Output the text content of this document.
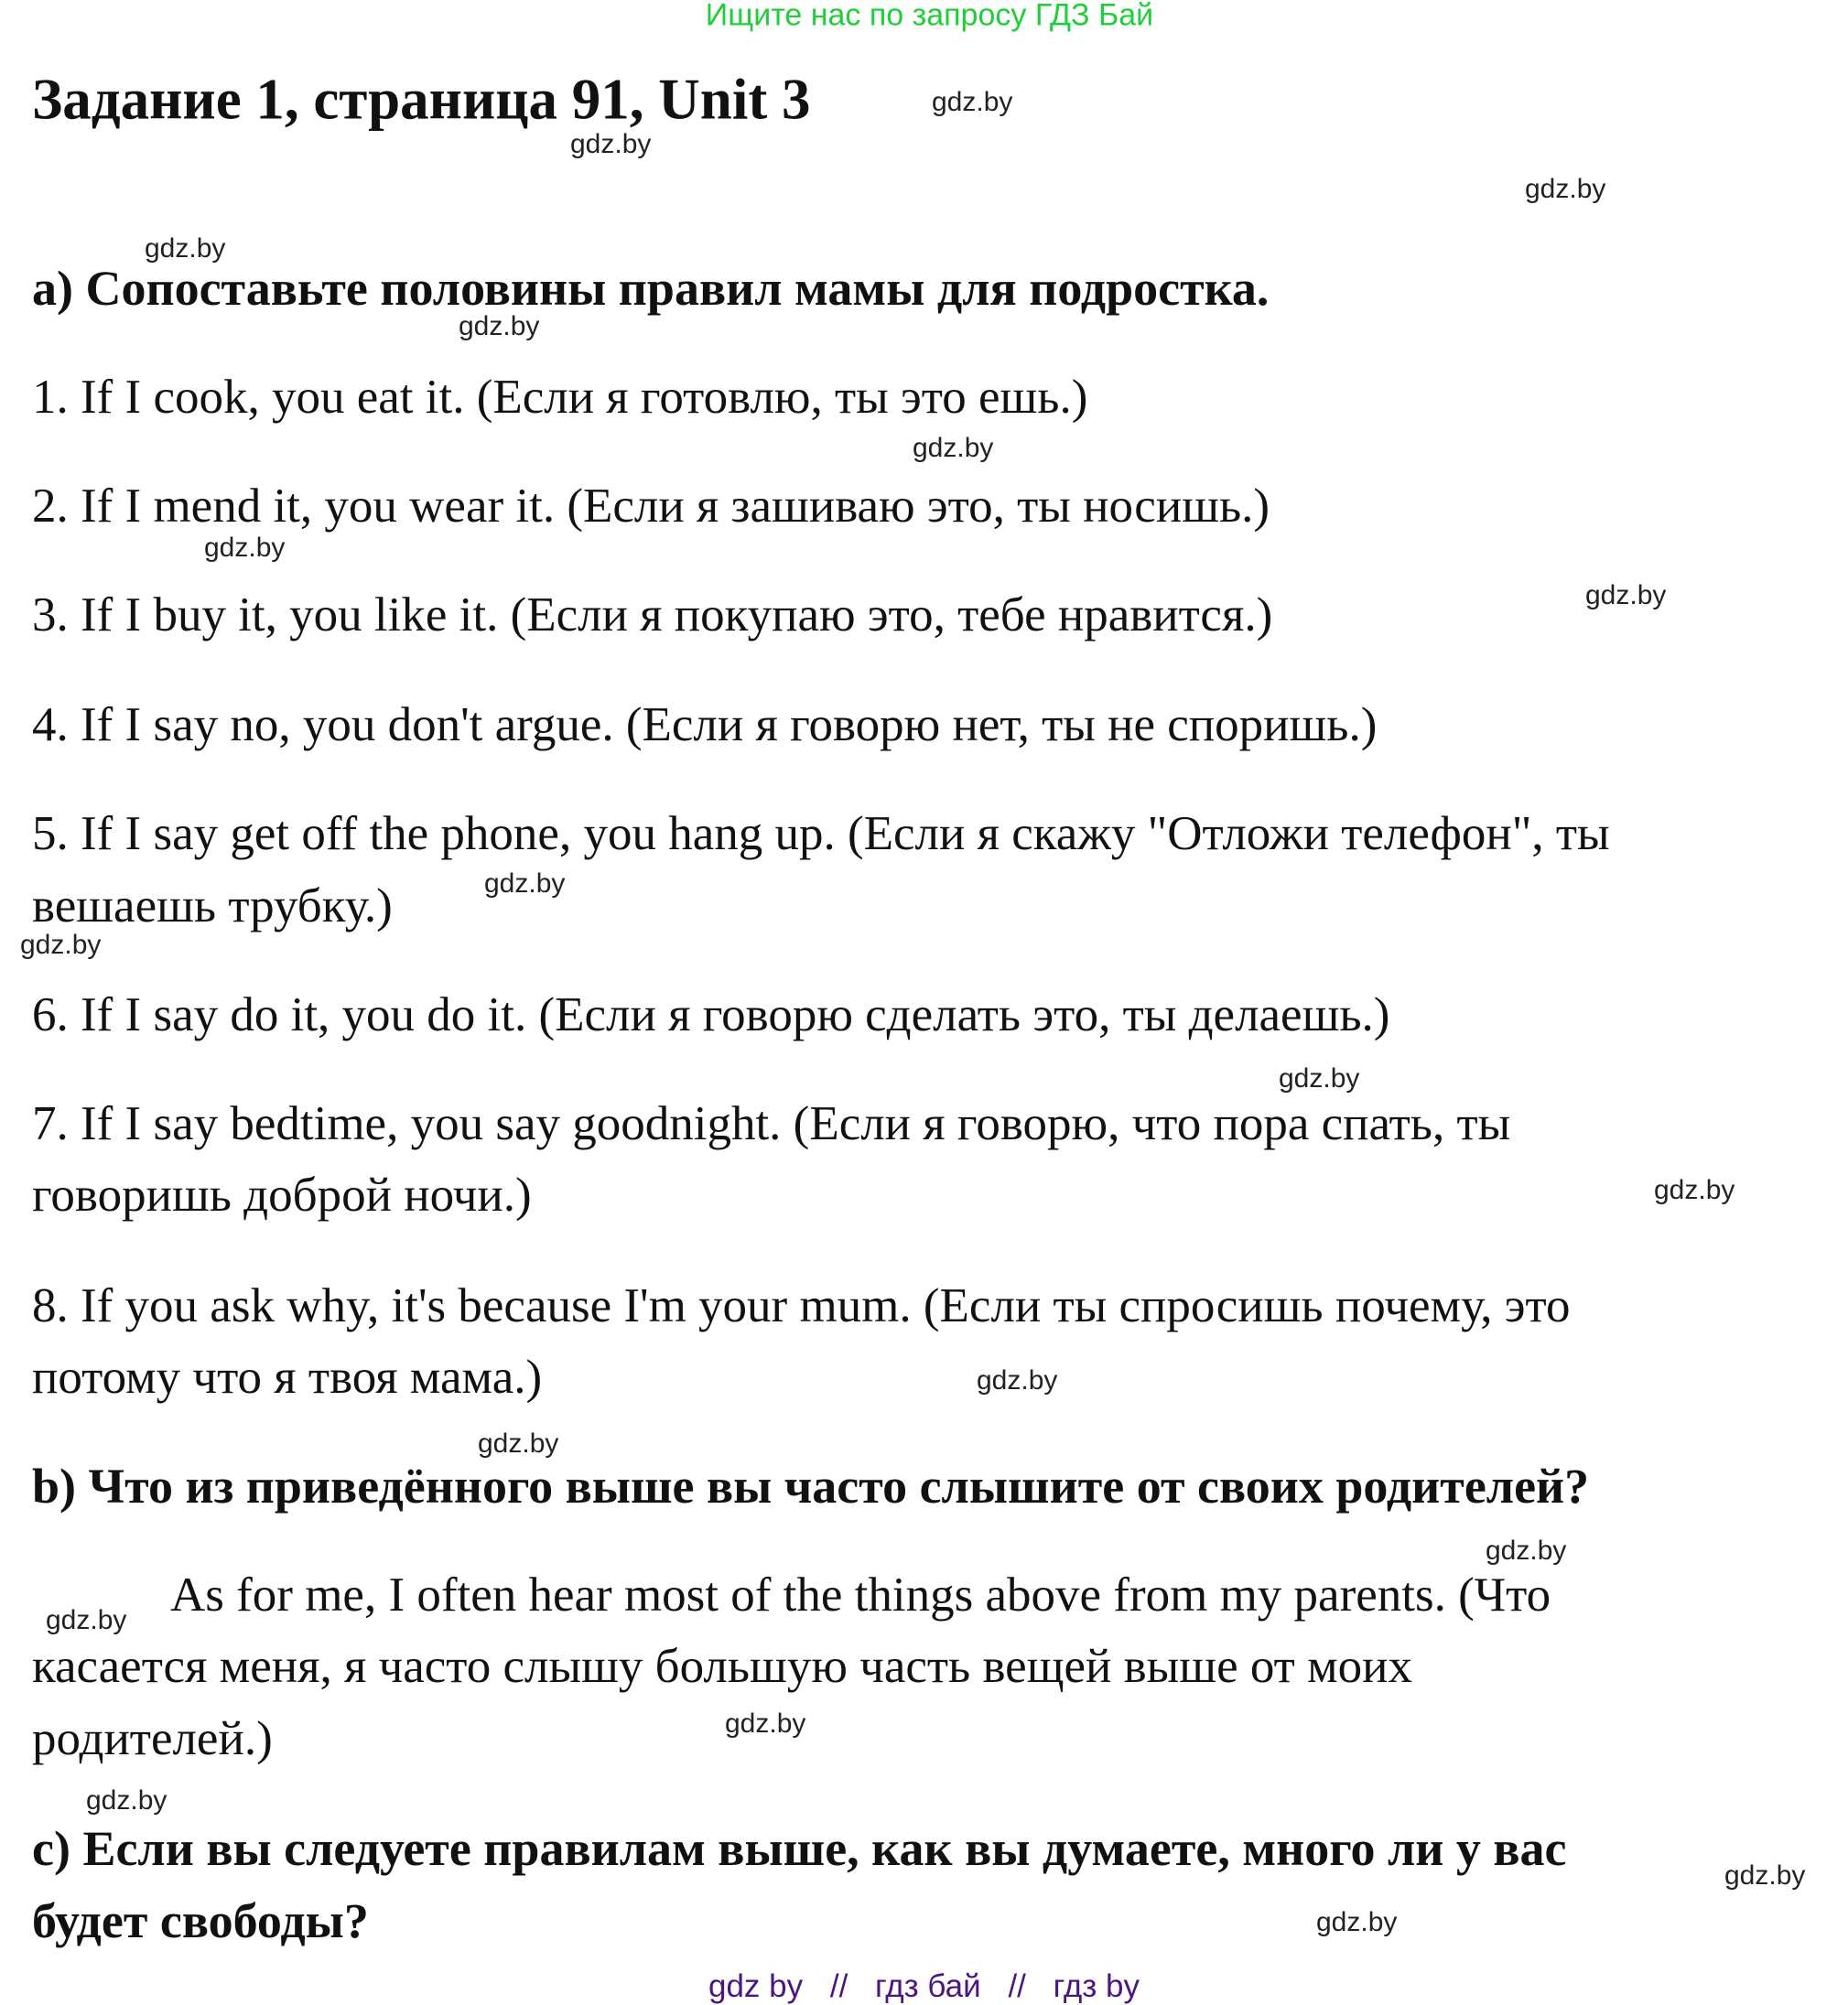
Ищите нас по запросу ГДЗ Бай
Задание 1, страница 91, Unit 3
a) Сопоставьте половины правил мамы для подростка.
1. If I cook, you eat it. (Если я готовлю, ты это ешь.)
2. If I mend it, you wear it. (Если я зашиваю это, ты носишь.)
3. If I buy it, you like it. (Если я покупаю это, тебе нравится.)
4. If I say no, you don't argue. (Если я говорю нет, ты не споришь.)
5. If I say get off the phone, you hang up. (Если я скажу "Отложи телефон", ты
вешаешь трубку.)
6. If I say do it, you do it. (Если я говорю сделать это, ты делаешь.)
7. If I say bedtime, you say goodnight. (Если я говорю, что пора спать, ты
говоришь доброй ночи.)
8. If you ask why, it's because I'm your mum. (Если ты спросишь почему, это
потому что я твоя мама.)
b) Что из приведённого выше вы часто слышите от своих родителей?
As for me, I often hear most of the things above from my parents. (Что
касается меня, я часто слышу большую часть вещей выше от моих
родителей.)
c) Если вы следуете правилам выше, как вы думаете, много ли у вас
будет свободы?
gdz.by
gdz.by
gdz.by
gdz.by
gdz.by
gdz.by
gdz.by
gdz.by
gdz.by
gdz.by
gdz.by
gdz.by
gdz.by
gdz.by
gdz.by
gdz.by
gdz.by
gdz.by
gdz.by
gdz.by
gdz by // гдз бай // гдз by
